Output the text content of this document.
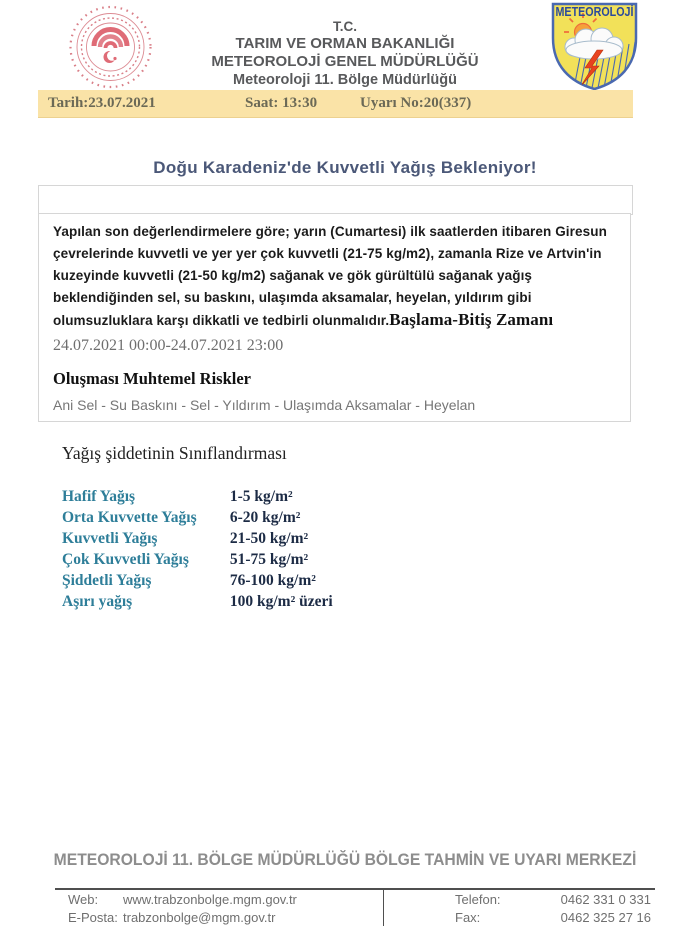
T.C.
TARIM VE ORMAN BAKANLIĞI
METEOROLOJİ GENEL MÜDÜRLÜĞÜ
Meteoroloji 11. Bölge Müdürlüğü
METEOROLOJİ
Tarih:23.07.2021	Saat: 13:30	Uyarı No:20(337)
Doğu Karadeniz'de Kuvvetli Yağış Bekleniyor!

Yapılan son değerlendirmelere göre; yarın (Cumartesi) ilk saatlerden itibaren Giresun çevrelerinde kuvvetli ve yer yer çok kuvvetli (21-75 kg/m2), zamanla Rize ve Artvin'in kuzeyinde kuvvetli (21-50 kg/m2) sağanak ve gök gürültülü sağanak yağış beklendiğinden sel, su baskını, ulaşımda aksamalar, heyelan, yıldırım gibi olumsuzluklara karşı dikkatli ve tedbirli olunmalıdır.Başlama-Bitiş Zamanı

24.07.2021 00:00-24.07.2021 23:00
Oluşması Muhtemel Riskler
Ani Sel - Su Baskını - Sel - Yıldırım - Ulaşımda Aksamalar - Heyelan
Yağış şiddetinin Sınıflandırması
Hafif Yağış	1-5 kg/m²
Orta Kuvvette Yağış 6-20 kg/m²
Kuvvetli Yağış	21-50 kg/m²
Çok Kuvvetli Yağış	51-75 kg/m²
Şiddetli Yağış	76-100 kg/m²
Aşırı yağış	100 kg/m² üzeri
METEOROLOJİ 11. BÖLGE MÜDÜRLÜĞÜ BÖLGE TAHMİN VE UYARI MERKEZİ
Web: www.trabzonbolge.mgm.gov.tr
E-Posta: trabzonbolge@mgm.gov.tr
Telefon:	0462 331 0 331
Fax:	0462 325 27 16
